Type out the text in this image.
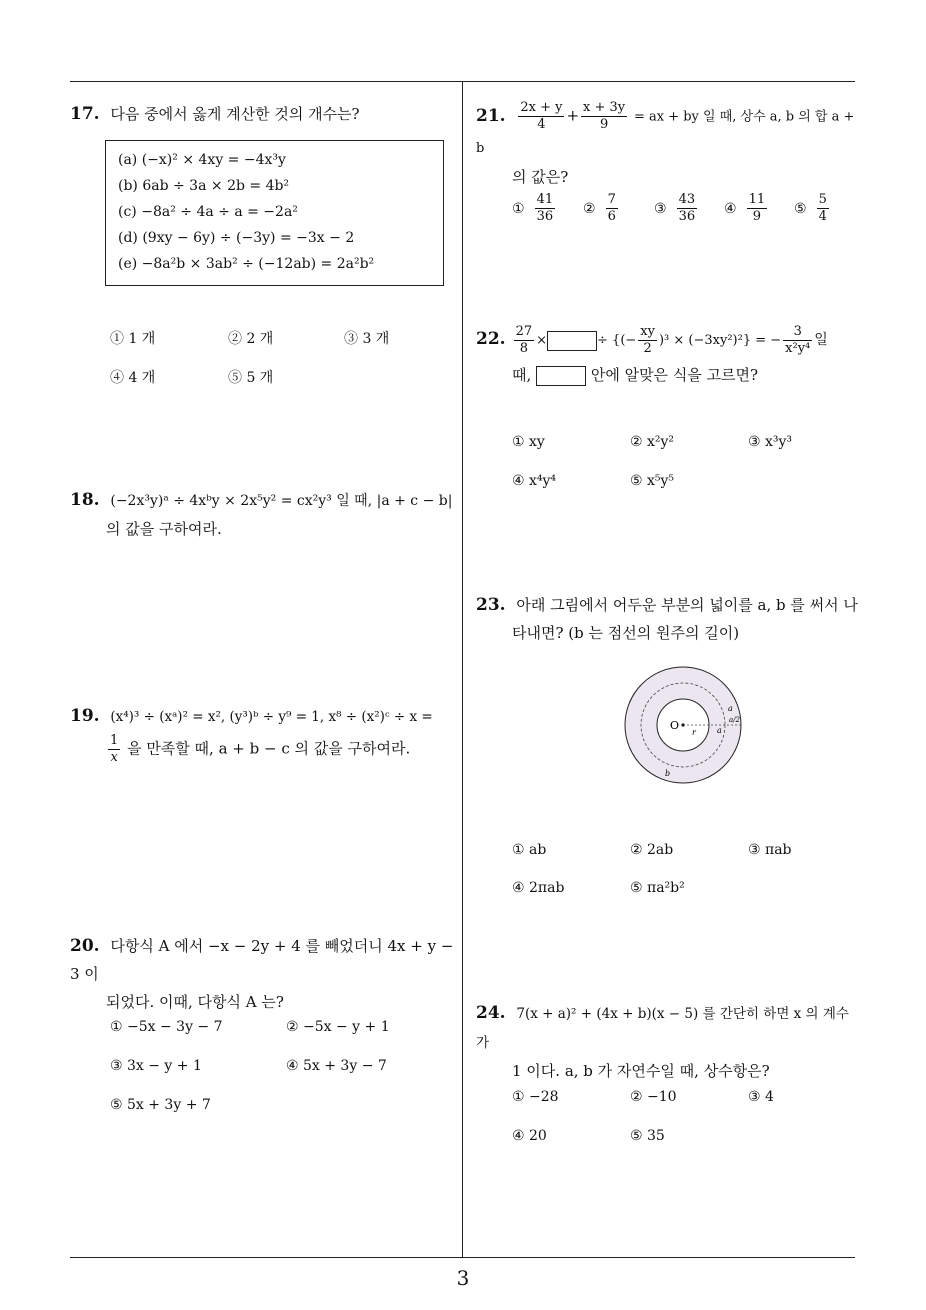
17. 다음 중에서 옳게 계산한 것의 개수는?
(a) (−x)² × 4xy = −4x³y
(b) 6ab ÷ 3a × 2b = 4b²
(c) −8a² ÷ 4a ÷ a = −2a²
(d) (9xy − 6y) ÷ (−3y) = −3x − 2
(e) −8a²b × 3ab² ÷ (−12ab) = 2a²b²
① 1 개	② 2 개	③ 3 개
④ 4 개	⑤ 5 개
18. (−2x³y)ᵃ ÷ 4xᵇy × 2x⁵y² = cx²y³ 일 때, |a + c − b|
의 값을 구하여라.
19. (x⁴)³ ÷ (xᵃ)² = x², (y³)ᵇ ÷ y⁹ = 1, x⁸ ÷ (x²)ᶜ ÷ x =
$\frac{1}{x}$ 을 만족할 때, a + b − c 의 값을 구하여라.
20. 다항식 A 에서 −x − 2y + 4 를 빼었더니 4x + y − 3 이
되었다. 이때, 다항식 A 는?
① −5x − 3y − 7	② −5x − y + 1
③ 3x − y + 1	④ 5x + 3y − 7
⑤ 5x + 3y + 7
21. $\frac{2x + y}{4} + \frac{x + 3y}{9}$ = ax + by 일 때, 상수 a, b 의 합 a + b
의 값은?
① $\frac{41}{36}$ ② $\frac{7}{6}$	③ $\frac{43}{36}$ ④ $\frac{11}{9}$ ⑤ $\frac{5}{4}$
22. $\frac{27}{8}$ ×	÷ {(− $\frac{xy}{2} )^3 \times (-3xy^2)^2$} = − $\frac{3}{\text{x²y⁴}}$ 일
때,	안에 알맞은 식을 고르면?
① xy	② x²y²	③ x³y³
④ x⁴y⁴	⑤ x⁵y⁵
23. 아래 그림에서 어두운 부분의 넓이를 a, b 를 써서 나
타내면? (b 는 점선의 원주의 길이)
O
r
a
a/2
a
b
① ab	② 2ab	③ πab
④ 2πab	⑤ πa²b²
24. 7(x + a)² + (4x + b)(x − 5) 를 간단히 하면 x 의 계수가
1 이다. a, b 가 자연수일 때, 상수항은?
① −28	② −10	③ 4
④ 20	⑤ 35
3
